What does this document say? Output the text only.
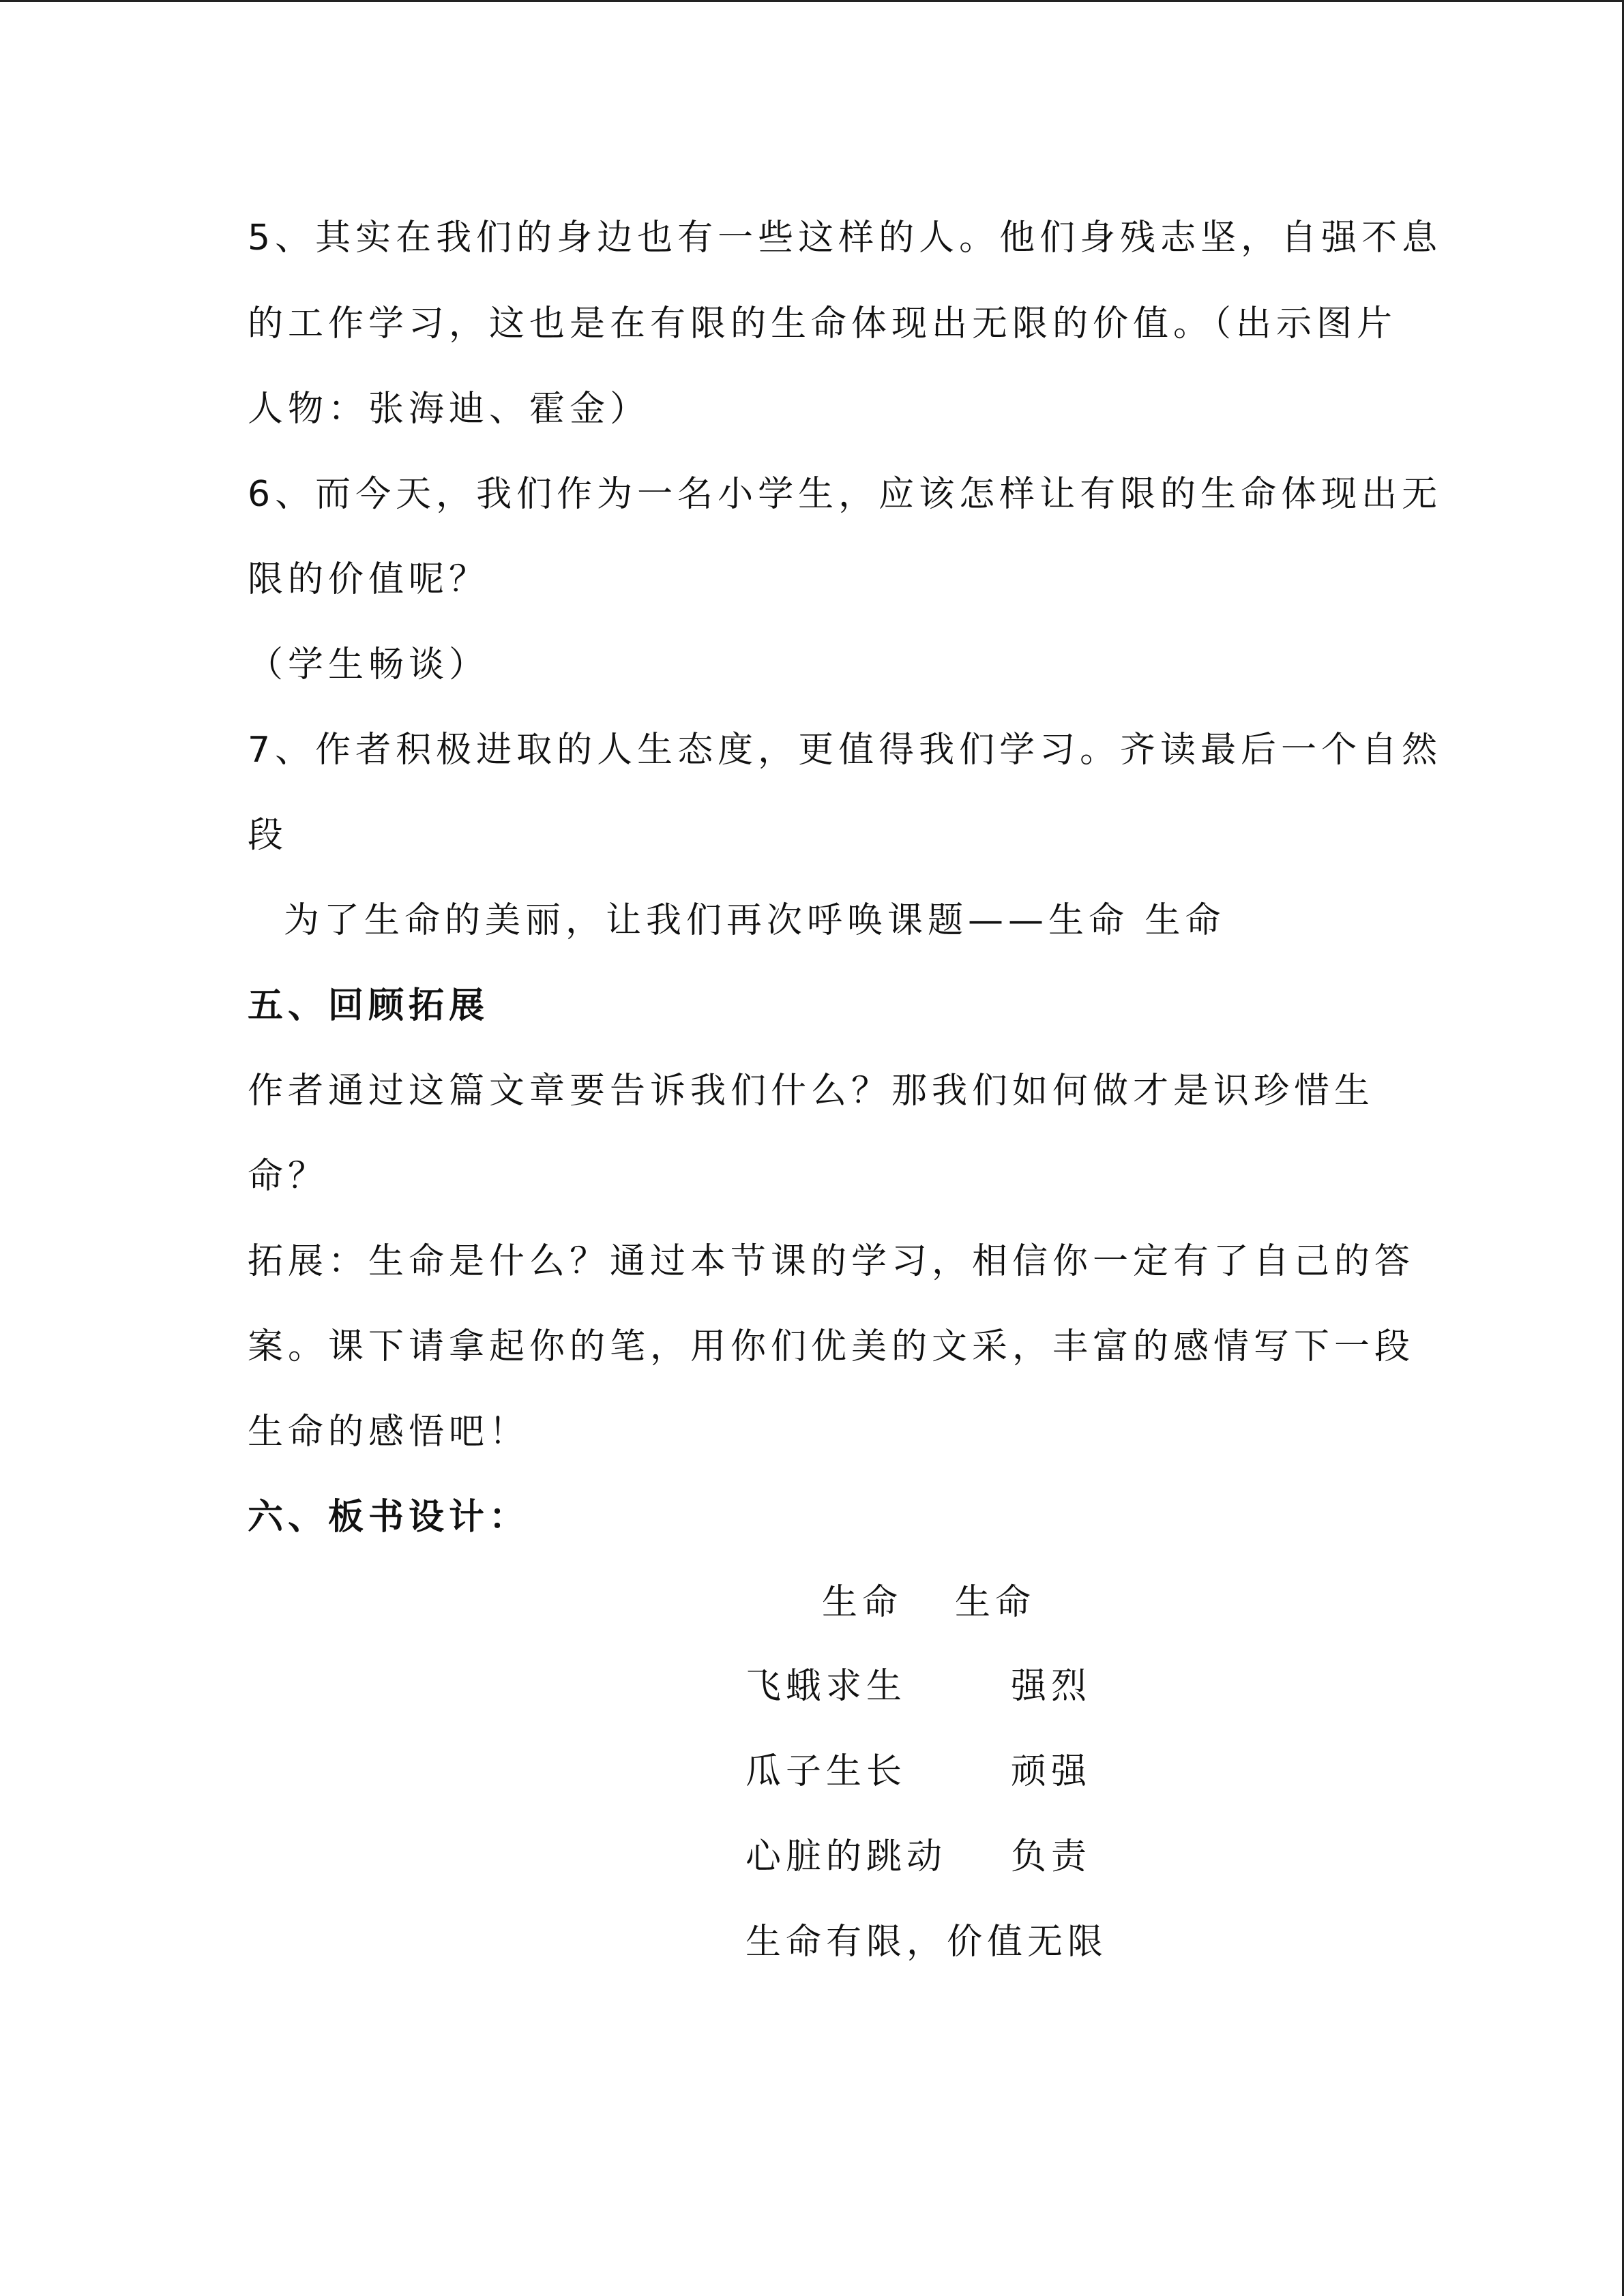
5、其实在我们的身边也有一些这样的人。他们身残志坚，自强不息
的工作学习，这也是在有限的生命体现出无限的价值。（出示图片
人物：张海迪、霍金）
6、而今天，我们作为一名小学生，应该怎样让有限的生命体现出无
限的价值呢？
（学生畅谈）
7、作者积极进取的人生态度，更值得我们学习。齐读最后一个自然
段
为了生命的美丽，让我们再次呼唤课题——生命 生命
五、回顾拓展
作者通过这篇文章要告诉我们什么？那我们如何做才是识珍惜生
命？
拓展：生命是什么？通过本节课的学习，相信你一定有了自己的答
案。课下请拿起你的笔，用你们优美的文采，丰富的感情写下一段
生命的感悟吧！
六、板书设计：
生命 生命
飞蛾求生	强烈
瓜子生长	顽强
心脏的跳动 负责
生命有限，价值无限
